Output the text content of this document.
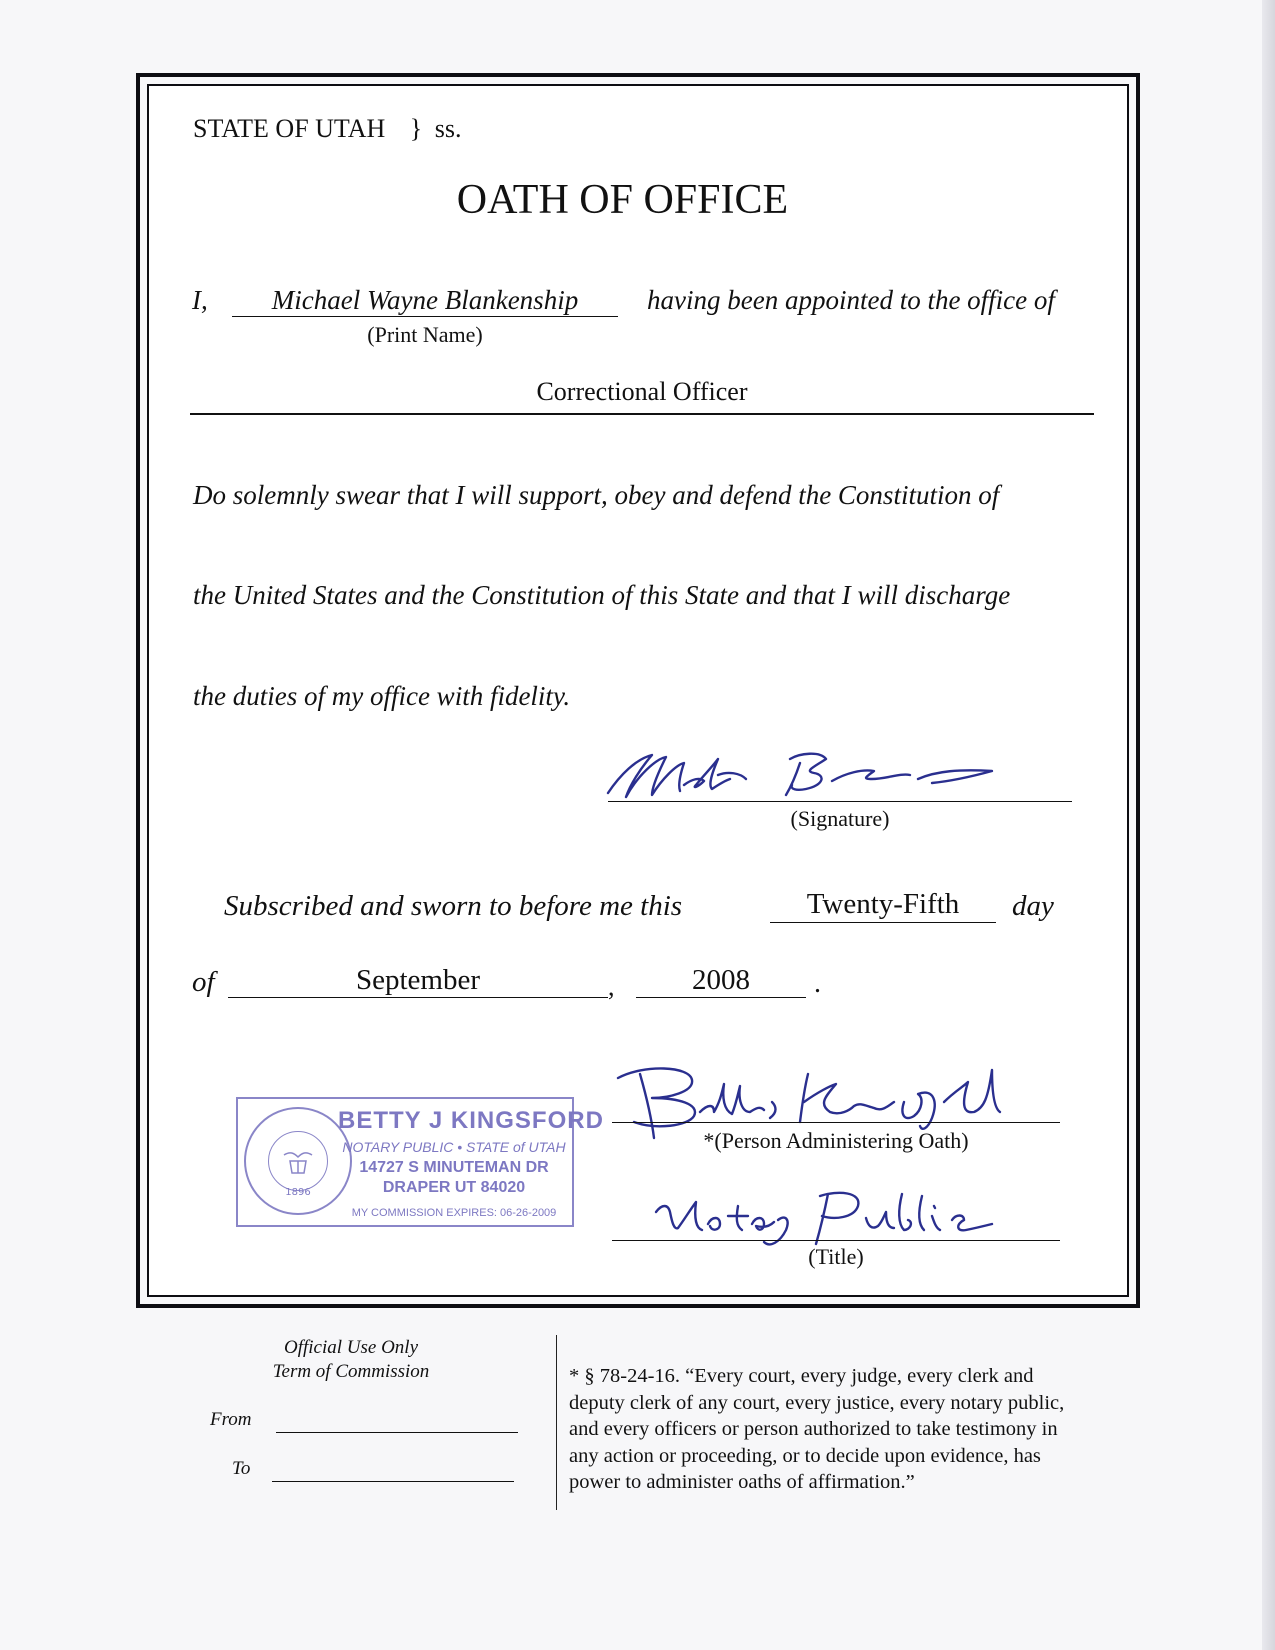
STATE OF UTAH } ss.
OATH OF OFFICE
I,	Michael Wayne Blankenship	having been appointed to the office of
(Print Name)
Correctional Officer
Do solemnly swear that I will support, obey and defend the Constitution of
the United States and the Constitution of this State and that I will discharge
the duties of my office with fidelity.
(Signature)
Subscribed and sworn to before me this	Twenty-Fifth	day
of	September	,	2008	.
1896
BETTY J KINGSFORD
NOTARY PUBLIC • STATE of UTAH
14727 S MINUTEMAN DR
DRAPER UT 84020
MY COMMISSION EXPIRES: 06-26-2009
*(Person Administering Oath)
(Title)
Official Use Only
Term of Commission
From
To
* § 78-24-16. “Every court, every judge, every clerk and
deputy clerk of any court, every justice, every notary public,
and every officers or person authorized to take testimony in
any action or proceeding, or to decide upon evidence, has
power to administer oaths of affirmation.”
